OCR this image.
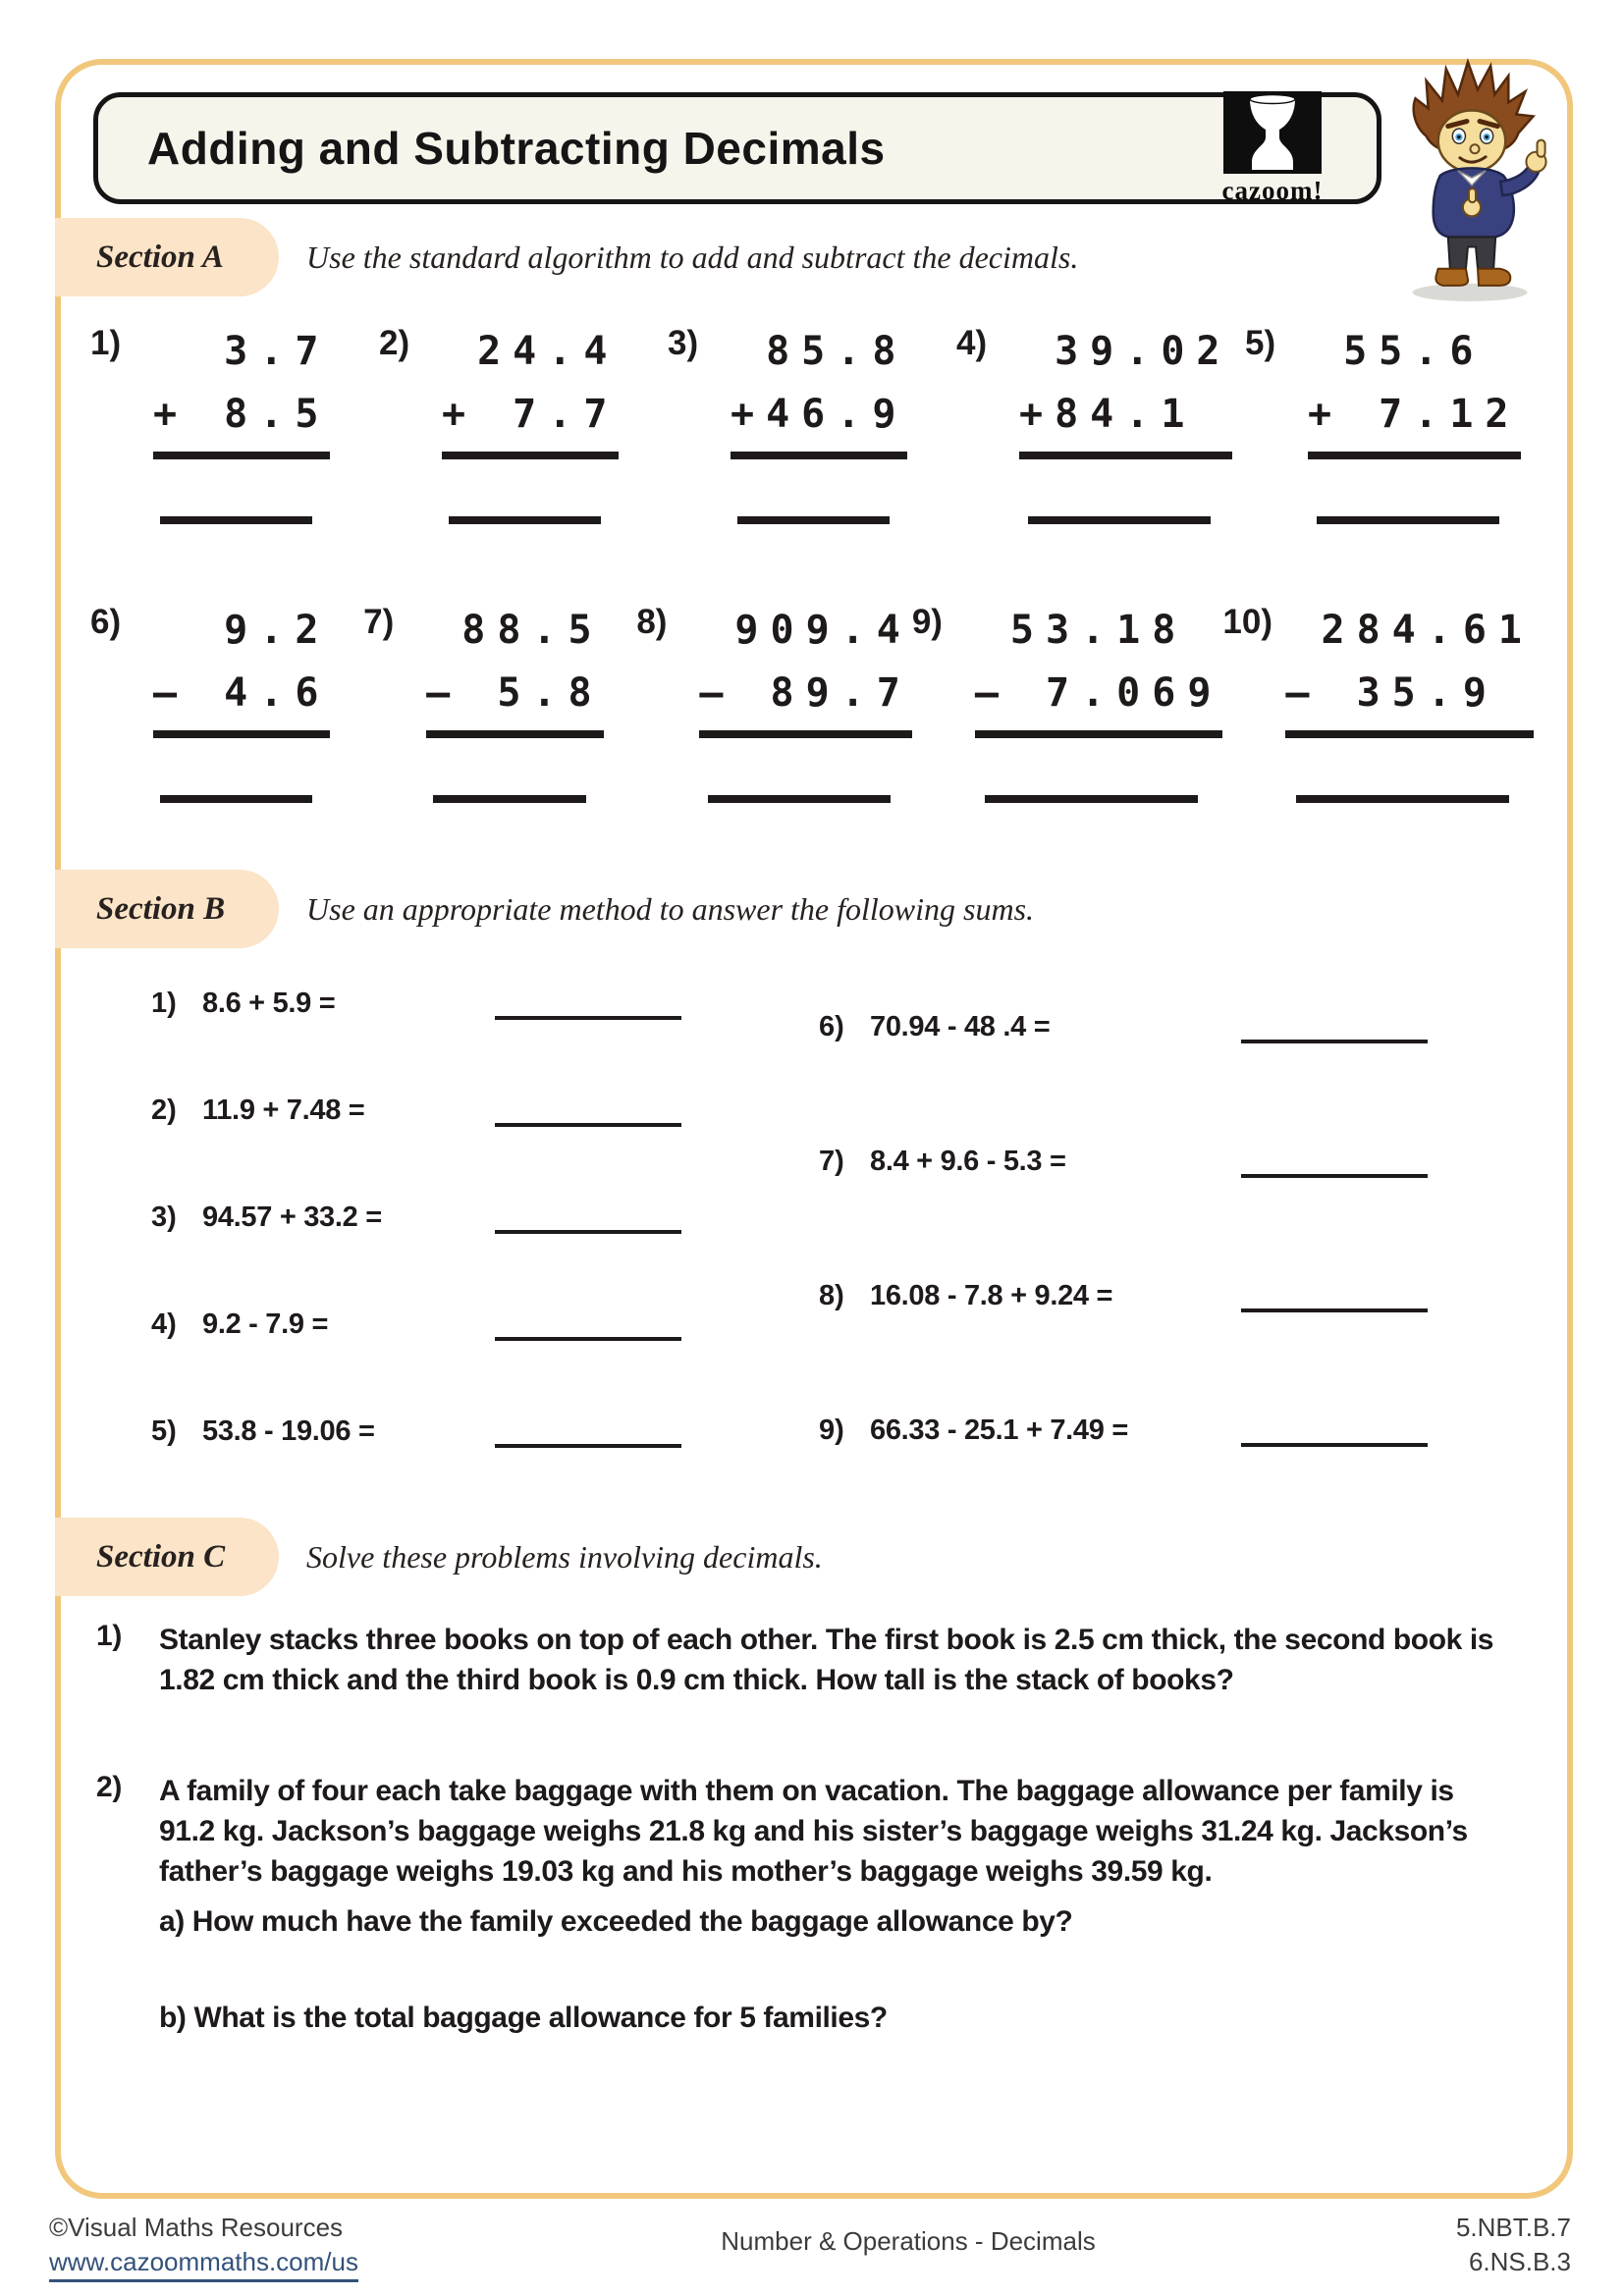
Adding and Subtracting Decimals
cazoom!
Section A	Use the standard algorithm to add and subtract the decimals.
1)	3.7
+ 8.5
2)	24.4
+ 7.7
3)	85.8
+46.9
4)	39.02
+84.1
5)	55.6
+ 7.12
6)	9.2
– 4.6
7)	88.5
– 5.8
8)	909.4
– 89.7
9)	53.18
– 7.069
10) 284.61
– 35.9
Section B	Use an appropriate method to answer the following sums.
1) 8.6 + 5.9 =
2) 11.9 + 7.48 =
3) 94.57 + 33.2 =
4) 9.2 - 7.9 =
5) 53.8 - 19.06 =
6) 70.94 - 48 .4 =
7) 8.4 + 9.6 - 5.3 =
8) 16.08 - 7.8 + 9.24 =
9) 66.33 - 25.1 + 7.49 =
Section C	Solve these problems involving decimals.
1)	Stanley stacks three books on top of each other. The first book is 2.5 cm thick, the second book is 1.82 cm thick and the third book is 0.9 cm thick. How tall is the stack of books?
2)	A family of four each take baggage with them on vacation. The baggage allowance per family is 91.2 kg. Jackson’s baggage weighs 21.8 kg and his sister’s baggage weighs 31.24 kg. Jackson’s father’s baggage weighs 19.03 kg and his mother’s baggage weighs 39.59 kg.
a) How much have the family exceeded the baggage allowance by?
b) What is the total baggage allowance for 5 families?
©Visual Maths Resources
www.cazoommaths.com/us
Number & Operations - Decimals	5.NBT.B.7
6.NS.B.3
